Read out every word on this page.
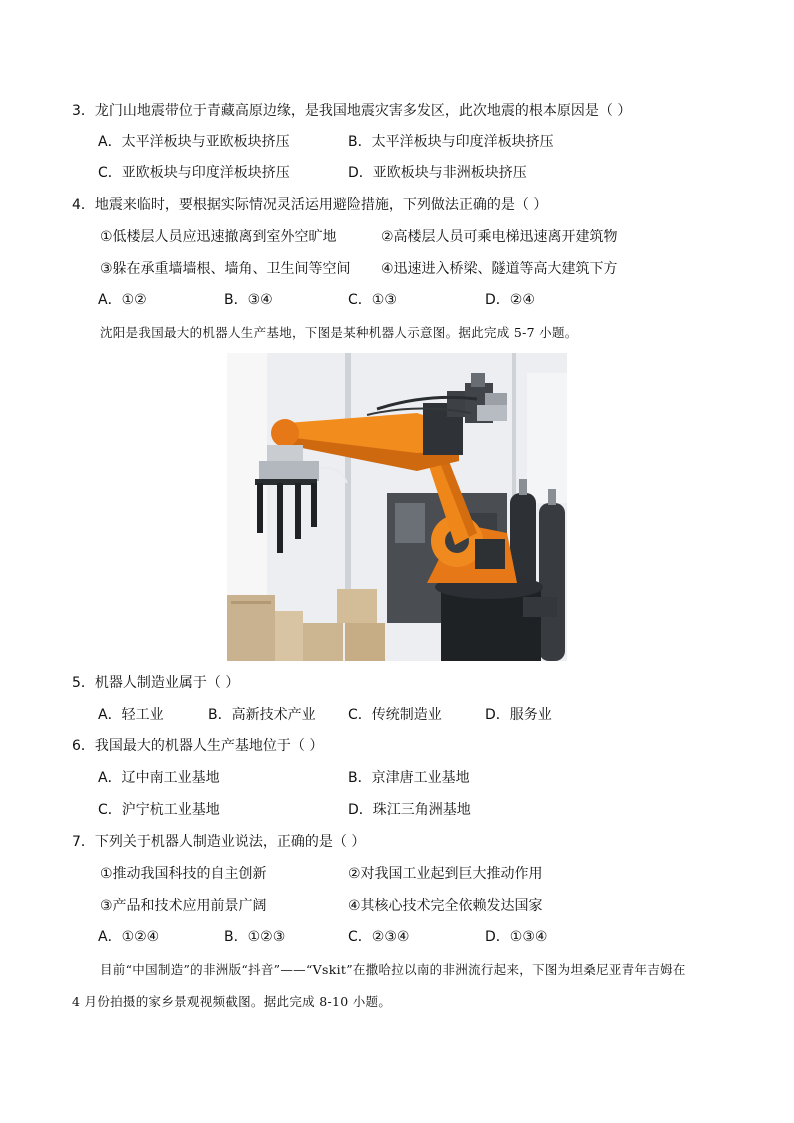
3．龙门山地震带位于青藏高原边缘，是我国地震灾害多发区，此次地震的根本原因是（ ）
A．太平洋板块与亚欧板块挤压	B．太平洋板块与印度洋板块挤压
C．亚欧板块与印度洋板块挤压	D．亚欧板块与非洲板块挤压
4．地震来临时，要根据实际情况灵活运用避险措施，下列做法正确的是（ ）
①低楼层人员应迅速撤离到室外空旷地	②高楼层人员可乘电梯迅速离开建筑物
③躲在承重墙墙根、墙角、卫生间等空间 ④迅速进入桥梁、隧道等高大建筑下方
A．①②	B．③④	C．①③	D．②④
沈阳是我国最大的机器人生产基地，下图是某种机器人示意图。据此完成 5-7 小题。
5．机器人制造业属于（ ）
A．轻工业	B．高新技术产业 C．传统制造业	D．服务业
6．我国最大的机器人生产基地位于（ ）
A．辽中南工业基地	B．京津唐工业基地
C．沪宁杭工业基地	D．珠江三角洲基地
7．下列关于机器人制造业说法，正确的是（ ）
①推动我国科技的自主创新	②对我国工业起到巨大推动作用
③产品和技术应用前景广阔	④其核心技术完全依赖发达国家
A．①②④	B．①②③	C．②③④	D．①③④
目前“中国制造”的非洲版“抖音”——“Vskit”在撒哈拉以南的非洲流行起来，下图为坦桑尼亚青年吉姆在
4 月份拍摄的家乡景观视频截图。据此完成 8-10 小题。
